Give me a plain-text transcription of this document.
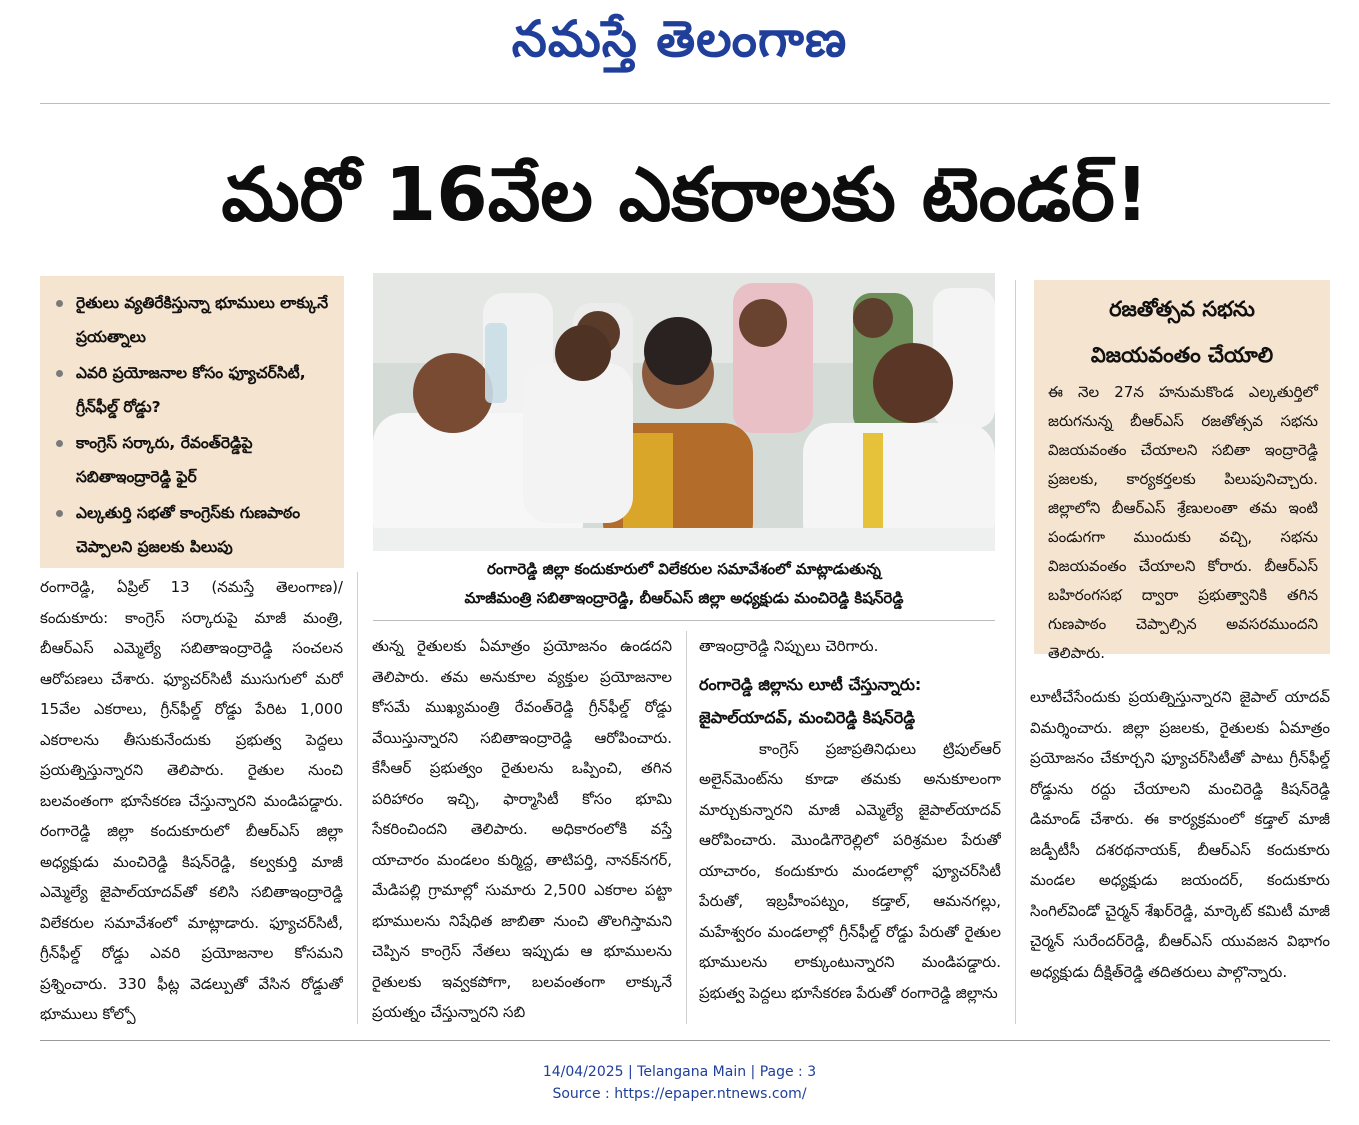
నమస్తే తెలంగాణ
మరో 16వేల ఎకరాలకు టెండర్!
రైతులు వ్యతిరేకిస్తున్నా భూములు లాక్కునే ప్రయత్నాలు
ఎవరి ప్రయోజనాల కోసం ఫ్యూచర్‌సిటీ, గ్రీన్‌ఫీల్డ్ రోడ్డు?
కాంగ్రెస్ సర్కారు, రేవంత్‌రెడ్డిపై సబితాఇంద్రారెడ్డి ఫైర్
ఎల్కతుర్తి సభతో కాంగ్రెస్‌కు గుణపాఠం చెప్పాలని ప్రజలకు పిలుపు
రంగారెడ్డి జిల్లా కందుకూరులో విలేకరుల సమావేశంలో మాట్లాడుతున్న
మాజీమంత్రి సబితాఇంద్రారెడ్డి, బీఆర్‌ఎస్ జిల్లా అధ్యక్షుడు మంచిరెడ్డి కిషన్‌రెడ్డి
రజతోత్సవ సభను
విజయవంతం చేయాలి
ఈ నెల 27న హనుమకొండ ఎల్కతుర్తిలో జరుగనున్న బీఆర్‌ఎస్ రజతోత్సవ సభను విజయవంతం చేయాలని సబితా ఇంద్రారెడ్డి ప్రజలకు, కార్యకర్తలకు పిలుపునిచ్చారు. జిల్లాలోని బీఆర్‌ఎస్ శ్రేణులంతా తమ ఇంటి పండుగగా ముందుకు వచ్చి, సభను విజయవంతం చేయాలని కోరారు. బీఆర్‌ఎస్ బహిరంగసభ ద్వారా ప్రభుత్వానికి తగిన గుణపాఠం చెప్పాల్సిన అవసరముందని తెలిపారు.

రంగారెడ్డి, ఏప్రిల్ 13 (నమస్తే తెలంగాణ)/కందుకూరు: కాంగ్రెస్ సర్కారుపై మాజీ మంత్రి, బీఆర్‌ఎస్ ఎమ్మెల్యే సబితాఇంద్రారెడ్డి సంచలన ఆరోపణలు చేశారు. ఫ్యూచర్‌సిటీ ముసుగులో మరో 15వేల ఎకరాలు, గ్రీన్‌ఫీల్డ్ రోడ్డు పేరిట 1,000 ఎకరాలను తీసుకునేందుకు ప్రభుత్వ పెద్దలు ప్రయత్నిస్తున్నారని తెలిపారు. రైతుల నుంచి బలవంతంగా భూసేకరణ చేస్తున్నారని మండిపడ్డారు. రంగారెడ్డి జిల్లా కందుకూరులో బీఆర్‌ఎస్ జిల్లా అధ్యక్షుడు మంచిరెడ్డి కిషన్‌రెడ్డి, కల్వకుర్తి మాజీ ఎమ్మెల్యే జైపాల్‌యాదవ్‌తో కలిసి సబితాఇంద్రారెడ్డి విలేకరుల సమావేశంలో మాట్లాడారు. ఫ్యూచర్‌సిటీ, గ్రీన్‌ఫీల్డ్ రోడ్డు ఎవరి ప్రయోజనాల కోసమని ప్రశ్నించారు. 330 ఫీట్ల వెడల్పుతో వేసిన రోడ్డుతో భూములు కోల్పో

తున్న రైతులకు ఏమాత్రం ప్రయోజనం ఉండదని తెలిపారు. తమ అనుకూల వ్యక్తుల ప్రయోజనాల కోసమే ముఖ్యమంత్రి రేవంత్‌రెడ్డి గ్రీన్‌ఫీల్డ్ రోడ్డు వేయిస్తున్నారని సబితాఇంద్రారెడ్డి ఆరోపించారు. కేసీఆర్ ప్రభుత్వం రైతులను ఒప్పించి, తగిన పరిహారం ఇచ్చి, ఫార్మాసిటీ కోసం భూమి సేకరించిందని తెలిపారు. అధికారంలోకి వస్తే యాచారం మండలం కుర్మిద్ద, తాటిపర్తి, నానక్‌నగర్, మేడిపల్లి గ్రామాల్లో సుమారు 2,500 ఎకరాల పట్టా భూములను నిషేధిత జాబితా నుంచి తొలగిస్తామని చెప్పిన కాంగ్రెస్ నేతలు ఇప్పుడు ఆ భూములను రైతులకు ఇవ్వకపోగా, బలవంతంగా లాక్కునే ప్రయత్నం చేస్తున్నారని సబి

తాఇంద్రారెడ్డి నిప్పులు చెరిగారు.

రంగారెడ్డి జిల్లాను లూటీ చేస్తున్నారు:
జైపాల్‌యాదవ్, మంచిరెడ్డి కిషన్‌రెడ్డి

కాంగ్రెస్ ప్రజాప్రతినిధులు ట్రిపుల్‌ఆర్ అలైన్‌మెంట్‌ను కూడా తమకు అనుకూలంగా మార్చుకున్నారని మాజీ ఎమ్మెల్యే జైపాల్‌యాదవ్ ఆరోపించారు. మొండిగౌరెల్లిలో పరిశ్రమల పేరుతో యాచారం, కందుకూరు మండలాల్లో ఫ్యూచర్‌సిటీ పేరుతో, ఇబ్రహీంపట్నం, కడ్తాల్, ఆమనగల్లు, మహేశ్వరం మండలాల్లో గ్రీన్‌ఫీల్డ్ రోడ్డు పేరుతో రైతుల భూములను లాక్కుంటున్నారని మండిపడ్డారు. ప్రభుత్వ పెద్దలు భూసేకరణ పేరుతో రంగారెడ్డి జిల్లాను

లూటీచేసేందుకు ప్రయత్నిస్తున్నారని జైపాల్ యాదవ్ విమర్శించారు. జిల్లా ప్రజలకు, రైతులకు ఏమాత్రం ప్రయోజనం చేకూర్చని ఫ్యూచర్‌సిటీతో పాటు గ్రీన్‌ఫీల్డ్ రోడ్డును రద్దు చేయాలని మంచిరెడ్డి కిషన్‌రెడ్డి డిమాండ్ చేశారు. ఈ కార్యక్రమంలో కడ్తాల్ మాజీ జడ్పీటీసీ దశరథనాయక్, బీఆర్‌ఎస్ కందుకూరు మండల అధ్యక్షుడు జయందర్, కందుకూరు సింగిల్‌విండో చైర్మన్ శేఖర్‌రెడ్డి, మార్కెట్ కమిటీ మాజీ చైర్మన్ సురేందర్‌రెడ్డి, బీఆర్‌ఎస్ యువజన విభాగం అధ్యక్షుడు దీక్షిత్‌రెడ్డి తదితరులు పాల్గొన్నారు.

14/04/2025 | Telangana Main | Page : 3
Source : https://epaper.ntnews.com/
